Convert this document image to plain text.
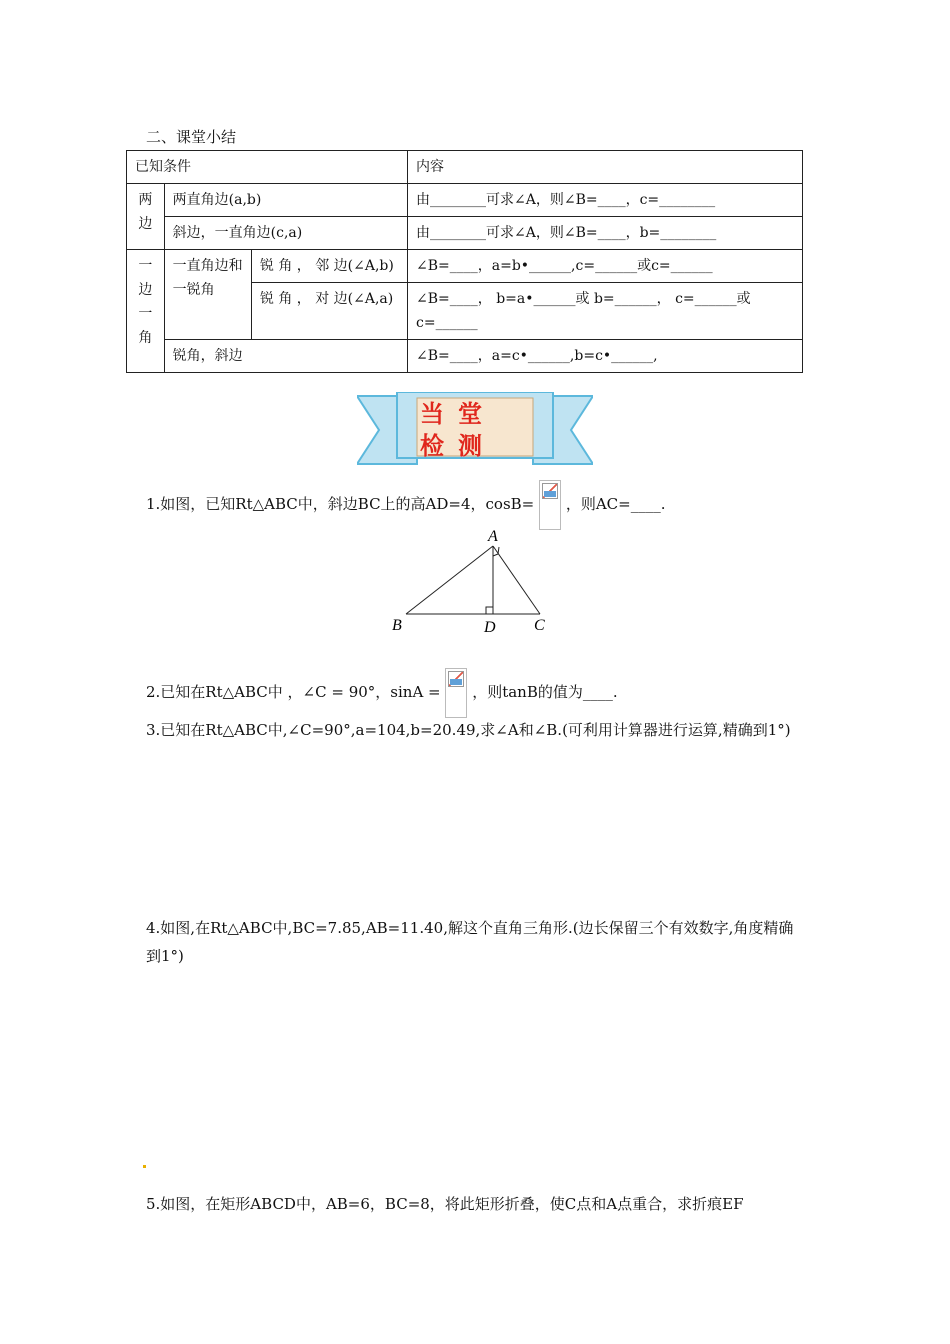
二、课堂小结
已知条件			内容
两
边	两直角边(a,b)		由________可求∠A，则∠B=____，c=________
	斜边，一直角边(c,a)		由________可求∠A，则∠B=____，b=________
一
边
一
角	一直角边和一锐角	锐 角 ， 邻 边(∠A,b)	∠B=____，a=b•______,c=______或c=______
		锐 角 ， 对 边(∠A,a)	∠B=____， b=a•______或 b=______， c=______或c=______
	锐角，斜边		∠B=____，a=c•______,b=c•______,
当堂检测
1.如图，已知Rt△ABC中，斜边BC上的高AD=4，cosB= ，则AC=____.
A
B	D C
2.已知在Rt△ABC中 ，∠C = 90°，sinA = ，则tanB的值为____.
3.已知在Rt△ABC中,∠C=90°,a=104,b=20.49,求∠A和∠B.(可利用计算器进行运算,精确到1°)
4.如图,在Rt△ABC中,BC=7.85,AB=11.40,解这个直角三角形.(边长保留三个有效数字,角度精确到1°)
5.如图，在矩形ABCD中，AB=6，BC=8，将此矩形折叠，使C点和A点重合，求折痕EF
